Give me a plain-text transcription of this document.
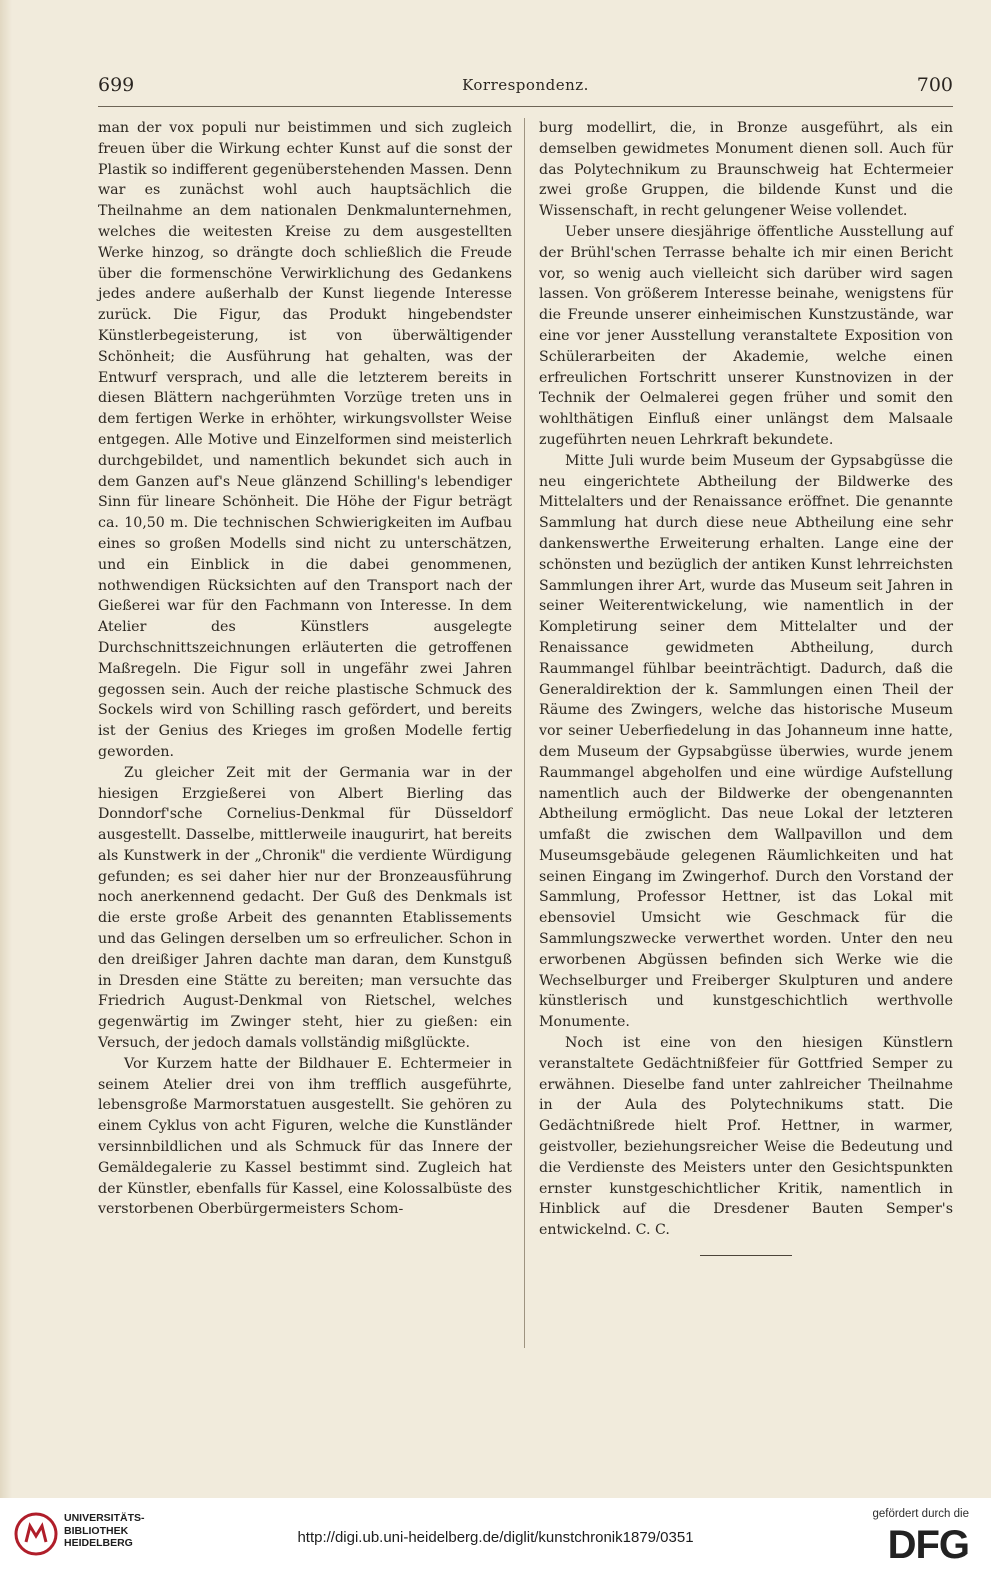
699	Korrespondenz.	700

man der vox populi nur beistimmen und sich zugleich freuen über die Wirkung echter Kunst auf die sonst der Plastik so indifferent gegenüberstehenden Massen. Denn war es zunächst wohl auch hauptsächlich die Theilnahme an dem nationalen Denkmalunternehmen, welches die weitesten Kreise zu dem ausgestellten Werke hinzog, so drängte doch schließlich die Freude über die formenschöne Verwirklichung des Gedankens jedes andere außerhalb der Kunst liegende Interesse zurück. Die Figur, das Produkt hingebendster Künstlerbegeisterung, ist von überwältigender Schönheit; die Ausführung hat gehalten, was der Entwurf versprach, und alle die letzterem bereits in diesen Blättern nachgerühmten Vorzüge treten uns in dem fertigen Werke in erhöhter, wirkungsvollster Weise entgegen. Alle Motive und Einzelformen sind meisterlich durchgebildet, und namentlich bekundet sich auch in dem Ganzen auf's Neue glänzend Schilling's lebendiger Sinn für lineare Schönheit. Die Höhe der Figur beträgt ca. 10,50 m. Die technischen Schwierigkeiten im Aufbau eines so großen Modells sind nicht zu unterschätzen, und ein Einblick in die dabei genommenen, nothwendigen Rücksichten auf den Transport nach der Gießerei war für den Fachmann von Interesse. In dem Atelier des Künstlers ausgelegte Durchschnittszeichnungen erläuterten die getroffenen Maßregeln. Die Figur soll in ungefähr zwei Jahren gegossen sein. Auch der reiche plastische Schmuck des Sockels wird von Schilling rasch gefördert, und bereits ist der Genius des Krieges im großen Modelle fertig geworden.

Zu gleicher Zeit mit der Germania war in der hiesigen Erzgießerei von Albert Bierling das Donndorf'sche Cornelius-Denkmal für Düsseldorf ausgestellt. Dasselbe, mittlerweile inaugurirt, hat bereits als Kunstwerk in der „Chronik" die verdiente Würdigung gefunden; es sei daher hier nur der Bronzeausführung noch anerkennend gedacht. Der Guß des Denkmals ist die erste große Arbeit des genannten Etablissements und das Gelingen derselben um so erfreulicher. Schon in den dreißiger Jahren dachte man daran, dem Kunstguß in Dresden eine Stätte zu bereiten; man versuchte das Friedrich August-Denkmal von Rietschel, welches gegenwärtig im Zwinger steht, hier zu gießen: ein Versuch, der jedoch damals vollständig mißglückte.

Vor Kurzem hatte der Bildhauer E. Echtermeier in seinem Atelier drei von ihm trefflich ausgeführte, lebensgroße Marmorstatuen ausgestellt. Sie gehören zu einem Cyklus von acht Figuren, welche die Kunstländer versinnbildlichen und als Schmuck für das Innere der Gemäldegalerie zu Kassel bestimmt sind. Zugleich hat der Künstler, ebenfalls für Kassel, eine Kolossalbüste des verstorbenen Oberbürgermeisters Schom-

burg modellirt, die, in Bronze ausgeführt, als ein demselben gewidmetes Monument dienen soll. Auch für das Polytechnikum zu Braunschweig hat Echtermeier zwei große Gruppen, die bildende Kunst und die Wissenschaft, in recht gelungener Weise vollendet.

Ueber unsere diesjährige öffentliche Ausstellung auf der Brühl'schen Terrasse behalte ich mir einen Bericht vor, so wenig auch vielleicht sich darüber wird sagen lassen. Von größerem Interesse beinahe, wenigstens für die Freunde unserer einheimischen Kunstzustände, war eine vor jener Ausstellung veranstaltete Exposition von Schülerarbeiten der Akademie, welche einen erfreulichen Fortschritt unserer Kunstnovizen in der Technik der Oelmalerei gegen früher und somit den wohlthätigen Einfluß einer unlängst dem Malsaale zugeführten neuen Lehrkraft bekundete.

Mitte Juli wurde beim Museum der Gypsabgüsse die neu eingerichtete Abtheilung der Bildwerke des Mittelalters und der Renaissance eröffnet. Die genannte Sammlung hat durch diese neue Abtheilung eine sehr dankenswerthe Erweiterung erhalten. Lange eine der schönsten und bezüglich der antiken Kunst lehrreichsten Sammlungen ihrer Art, wurde das Museum seit Jahren in seiner Weiterentwickelung, wie namentlich in der Kompletirung seiner dem Mittelalter und der Renaissance gewidmeten Abtheilung, durch Raummangel fühlbar beeinträchtigt. Dadurch, daß die Generaldirektion der k. Sammlungen einen Theil der Räume des Zwingers, welche das historische Museum vor seiner Ueberfiedelung in das Johanneum inne hatte, dem Museum der Gypsabgüsse überwies, wurde jenem Raummangel abgeholfen und eine würdige Aufstellung namentlich auch der Bildwerke der obengenannten Abtheilung ermöglicht. Das neue Lokal der letzteren umfaßt die zwischen dem Wallpavillon und dem Museumsgebäude gelegenen Räumlichkeiten und hat seinen Eingang im Zwingerhof. Durch den Vorstand der Sammlung, Professor Hettner, ist das Lokal mit ebensoviel Umsicht wie Geschmack für die Sammlungszwecke verwerthet worden. Unter den neu erworbenen Abgüssen befinden sich Werke wie die Wechselburger und Freiberger Skulpturen und andere künstlerisch und kunstgeschichtlich werthvolle Monumente.

Noch ist eine von den hiesigen Künstlern veranstaltete Gedächtnißfeier für Gottfried Semper zu erwähnen. Dieselbe fand unter zahlreicher Theilnahme in der Aula des Polytechnikums statt. Die Gedächtnißrede hielt Prof. Hettner, in warmer, geistvoller, beziehungsreicher Weise die Bedeutung und die Verdienste des Meisters unter den Gesichtspunkten ernster kunstgeschichtlicher Kritik, namentlich in Hinblick auf die Dresdener Bauten Semper's entwickelnd. C. C.

UNIVERSITÄTS-
BIBLIOTHEK
HEIDELBERG	http://digi.ub.uni-heidelberg.de/diglit/kunstchronik1879/0351
gefördert durch die
DFG
